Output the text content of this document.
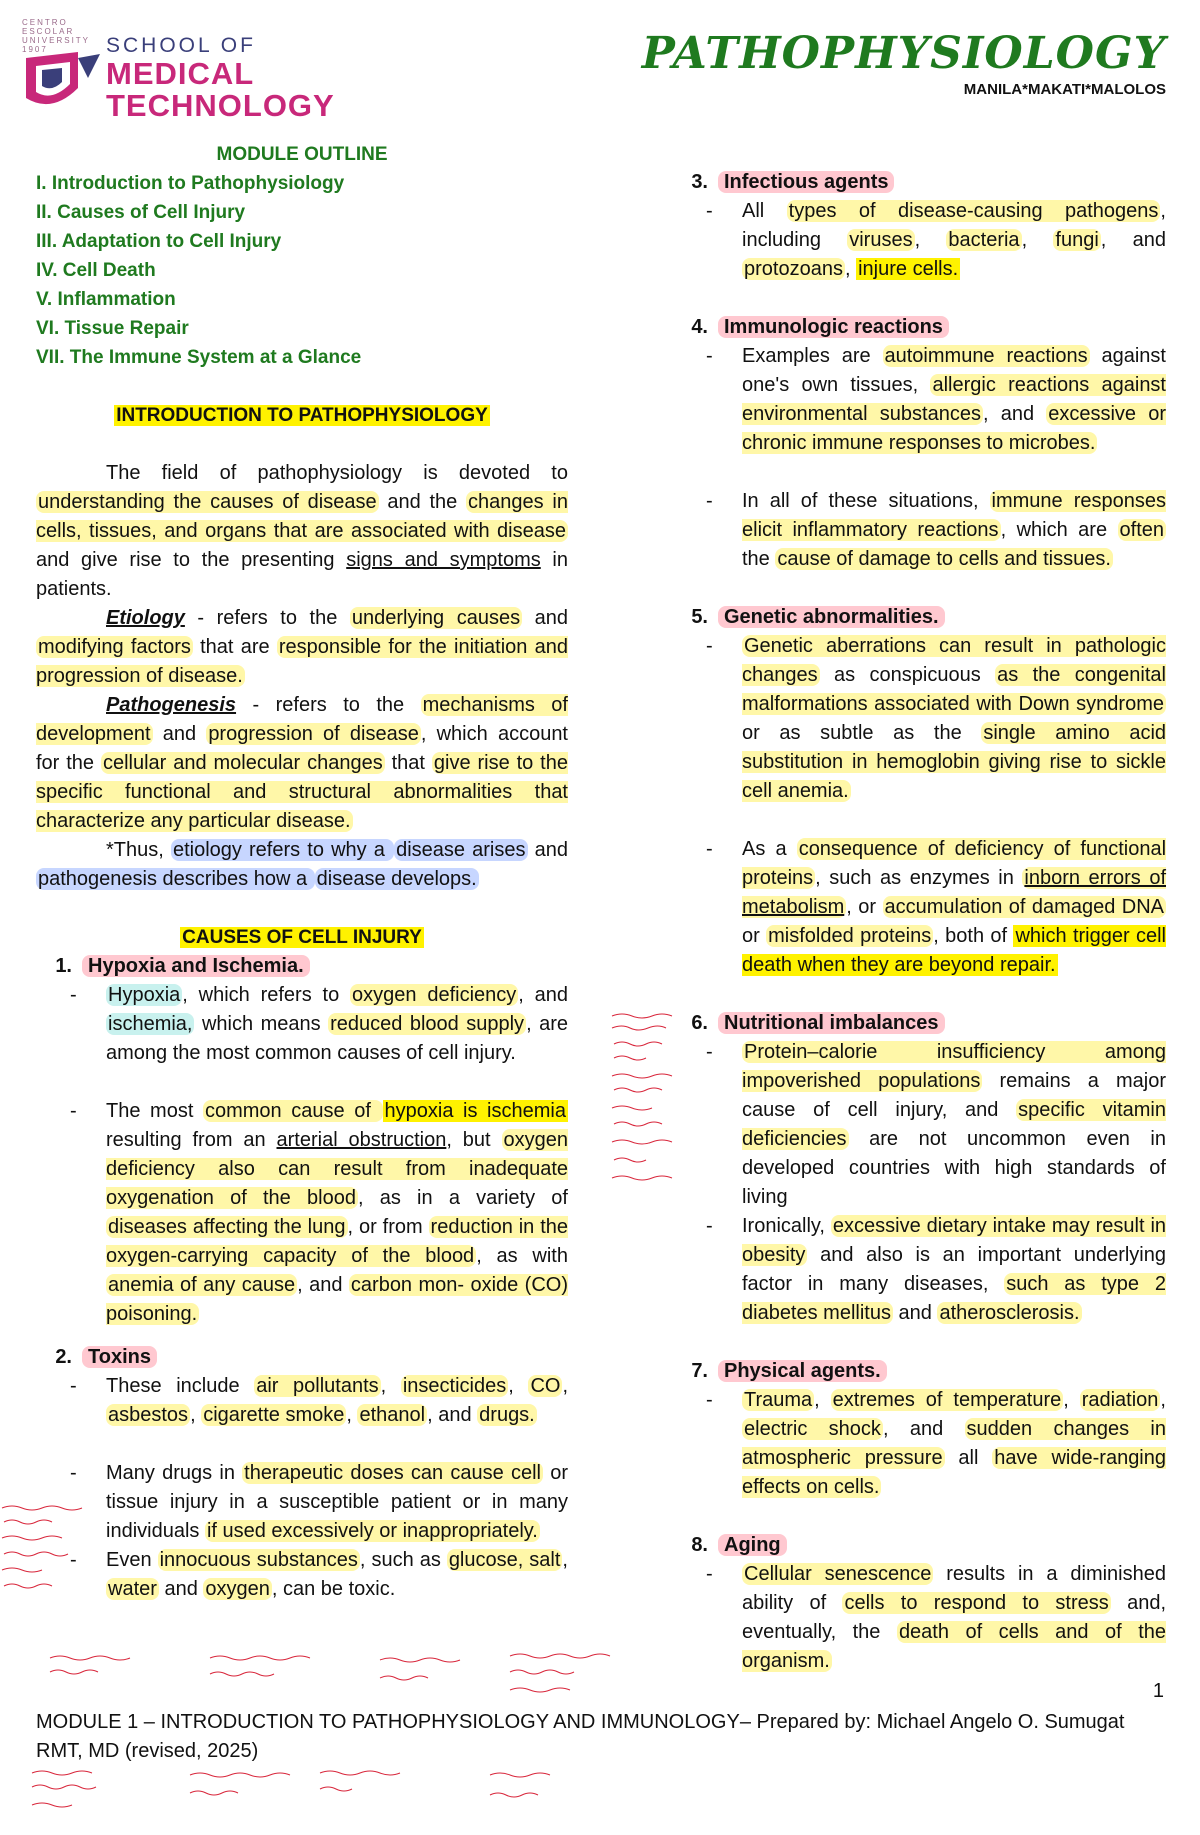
CENTRO ESCOLAR UNIVERSITY 1907	SCHOOL OF
MEDICAL
TECHNOLOGY
PATHOPHYSIOLOGY
MANILA*MAKATI*MALOLOS
MODULE OUTLINE
I. Introduction to Pathophysiology
II. Causes of Cell Injury
III. Adaptation to Cell Injury
IV. Cell Death
V. Inflammation
VI. Tissue Repair
VII. The Immune System at a Glance
INTRODUCTION TO PATHOPHYSIOLOGY

The field of pathophysiology is devoted to understanding the causes of disease and the changes in cells, tissues, and organs that are associated with disease and give rise to the presenting signs and symptoms in patients.

Etiology - refers to the underlying causes and modifying factors that are responsible for the initiation and progression of disease.

Pathogenesis - refers to the mechanisms of development and progression of disease , which account for the cellular and molecular changes that give rise to the specific functional and structural abnormalities that characterize any particular disease.

*Thus, etiology refers to why a disease arises and pathogenesis describes how a disease develops.

CAUSES OF CELL INJURY

1. Hypoxia and Ischemia.

- Hypoxia , which refers to oxygen deficiency , and ischemia, which means reduced blood supply , are among the most common causes of cell injury.

- The most common cause of hypoxia is ischemia resulting from an arterial obstruction, but oxygen deficiency also can result from inadequate oxygenation of the blood , as in a variety of diseases affecting the lung , or from reduction in the oxygen-carrying capacity of the blood , as with anemia of any cause , and carbon mon- oxide (CO) poisoning.

2. Toxins

- These include air pollutants , insecticides , CO , asbestos , cigarette smoke , ethanol , and drugs.

- Many drugs in therapeutic doses can cause cell or tissue injury in a susceptible patient or in many individuals if used excessively or inappropriately.

- Even innocuous substances , such as glucose, salt , water and oxygen , can be toxic.

3. Infectious agents

- All types of disease-causing pathogens , including viruses , bacteria , fungi , and protozoans , injure cells.

4. Immunologic reactions

- Examples are autoimmune reactions against one's own tissues, allergic reactions against environmental substances , and excessive or chronic immune responses to microbes.

- In all of these situations, immune responses elicit inflammatory reactions , which are often the cause of damage to cells and tissues.

5. Genetic abnormalities.

- Genetic aberrations can result in pathologic changes as conspicuous as the congenital malformations associated with Down syndrome or as subtle as the single amino acid substitution in hemoglobin giving rise to sickle cell anemia.

- As a consequence of deficiency of functional proteins , such as enzymes in inborn errors of metabolism , or accumulation of damaged DNA or misfolded proteins , both of which trigger cell death when they are beyond repair.

6. Nutritional imbalances

- Protein–calorie insufficiency among impoverished populations remains a major cause of cell injury, and specific vitamin deficiencies are not uncommon even in developed countries with high standards of living

- Ironically, excessive dietary intake may result in obesity and also is an important underlying factor in many diseases, such as type 2 diabetes mellitus and atherosclerosis.

7. Physical agents.

- Trauma , extremes of temperature , radiation , electric shock , and sudden changes in atmospheric pressure all have wide-ranging effects on cells.

8. Aging

- Cellular senescence results in a diminished ability of cells to respond to stress and, eventually, the death of cells and of the organism.

1
MODULE 1 – INTRODUCTION TO PATHOPHYSIOLOGY AND IMMUNOLOGY– Prepared by: Michael Angelo O. Sumugat RMT, MD (revised, 2025)
